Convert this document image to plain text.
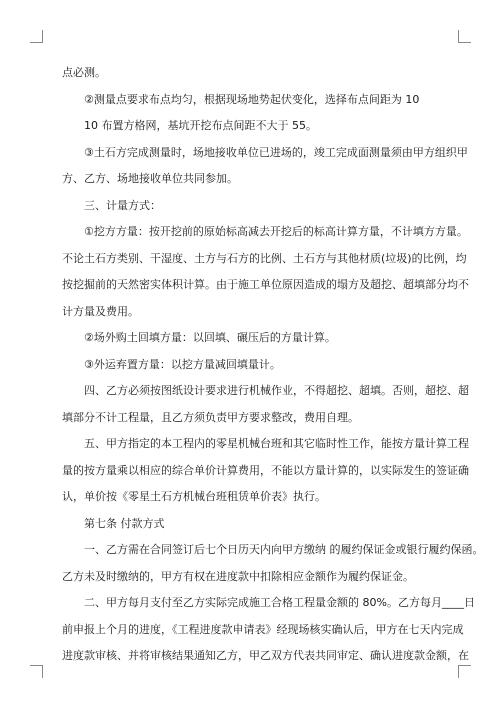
点必测。

②测量点要求布点均匀，根据现场地势起伏变化，选择布点间距为 10

10 布置方格网，基坑开挖布点间距不大于 55。

③土石方完成测量时，场地接收单位已进场的，竣工完成面测量须由甲方组织甲

方、乙方、场地接收单位共同参加。

三、计量方式：

①挖方方量：按开挖前的原始标高减去开挖后的标高计算方量，不计填方方量。

不论土石方类别、干湿度、土方与石方的比例、土石方与其他材质(垃圾)的比例，均

按挖掘前的天然密实体积计算。由于施工单位原因造成的塌方及超挖、超填部分均不

计方量及费用。

②场外购土回填方量：以回填、碾压后的方量计算。

③外运弃置方量：以挖方量减回填量计。

四、乙方必须按图纸设计要求进行机械作业，不得超挖、超填。否则，超挖、超

填部分不计工程量，且乙方须负责甲方要求整改，费用自理。

五、甲方指定的本工程内的零星机械台班和其它临时性工作，能按方量计算工程

量的按方量乘以相应的综合单价计算费用，不能以方量计算的，以实际发生的签证确

认，单价按《零星土石方机械台班租赁单价表》执行。

第七条 付款方式

一、乙方需在合同签订后七个日历天内向甲方缴纳 的履约保证金或银行履约保函。

乙方未及时缴纳的，甲方有权在进度款中扣除相应金额作为履约保证金。

二、甲方每月支付至乙方实际完成施工合格工程量金额的 80%。乙方每月____日

前申报上个月的进度，《工程进度款申请表》经现场核实确认后，甲方在七天内完成

进度款审核、并将审核结果通知乙方，甲乙双方代表共同审定、确认进度款金额，在
